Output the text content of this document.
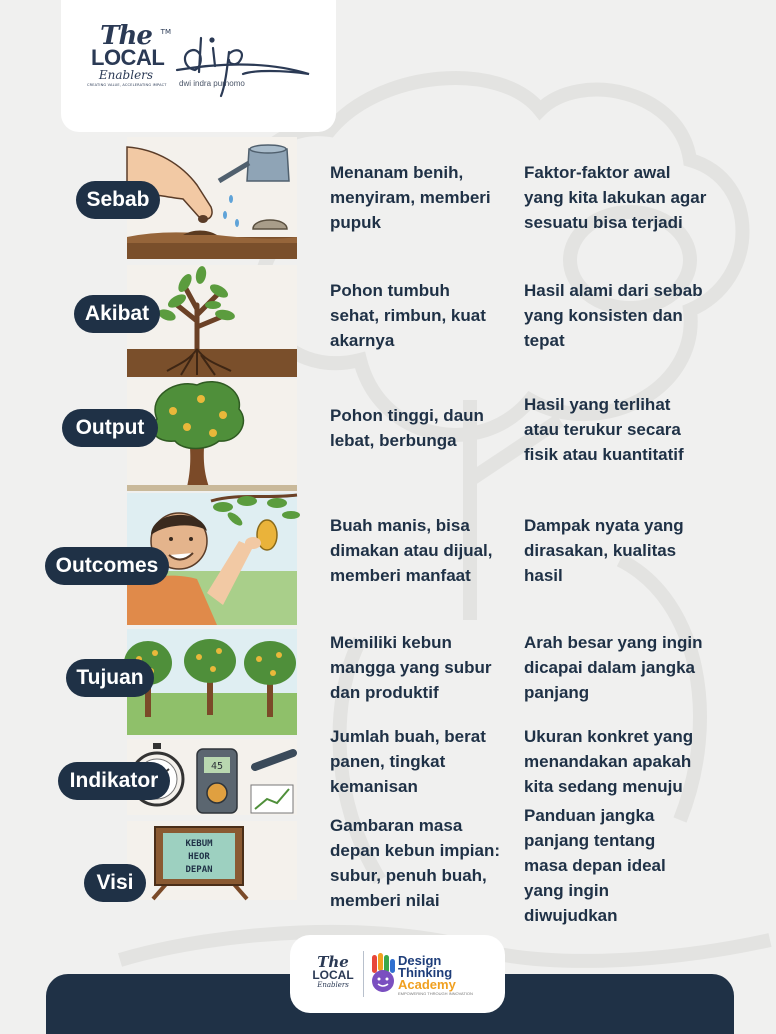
TM
The
LOCAL
Enablers
CREATING VALUE, ACCELERATING IMPACT dwi indra purnomo
45
KEBUM
HEOR
DEPAN
Sebab
Akibat
Output
Outcomes
Tujuan
Indikator
Visi
Menanam benih,
menyiram, memberi
pupuk
Pohon tumbuh
sehat, rimbun, kuat
akarnya
Pohon tinggi, daun
lebat, berbunga
Buah manis, bisa
dimakan atau dijual,
memberi manfaat
Memiliki kebun
mangga yang subur
dan produktif
Jumlah buah, berat
panen, tingkat
kemanisan
Gambaran masa
depan kebun impian:
subur, penuh buah,
memberi nilai
Faktor-faktor awal
yang kita lakukan agar
sesuatu bisa terjadi
Hasil alami dari sebab
yang konsisten dan
tepat
Hasil yang terlihat
atau terukur secara
fisik atau kuantitatif
Dampak nyata yang
dirasakan, kualitas
hasil
Arah besar yang ingin
dicapai dalam jangka
panjang
Ukuran konkret yang
menandakan apakah
kita sedang menuju
Panduan jangka
panjang tentang
masa depan ideal
yang ingin
diwujudkan
The
LOCAL
Enablers
Design
Thinking
Academy
EMPOWERING THROUGH INNOVATION
